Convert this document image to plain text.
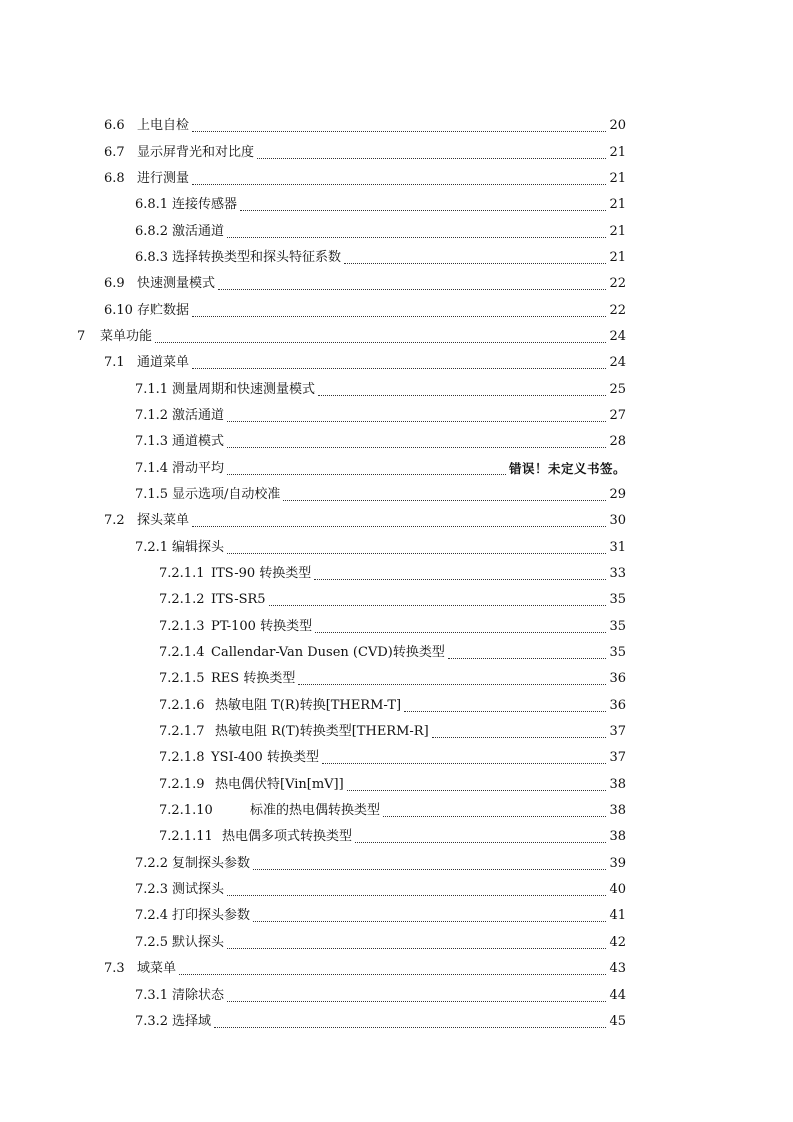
6.6 上电自检	20
6.7 显示屏背光和对比度	21
6.8 进行测量	21
6.8.1 连接传感器	21
6.8.2 激活通道	21
6.8.3 选择转换类型和探头特征系数	21
6.9 快速测量模式	22
6.10 存贮数据	22
7	菜单功能	24
7.1 通道菜单	24
7.1.1 测量周期和快速测量模式	25
7.1.2 激活通道	27
7.1.3 通道模式	28
7.1.4 滑动平均	错误！未定义书签。
7.1.5 显示选项/自动校准	29
7.2 探头菜单	30
7.2.1 编辑探头	31
7.2.1.1 ITS-90 转换类型	33
7.2.1.2 ITS-SR5	35
7.2.1.3 PT-100 转换类型	35
7.2.1.4 Callendar-Van Dusen (CVD)转换类型	35
7.2.1.5 RES 转换类型	36
7.2.1.6 热敏电阻 T(R)转换[THERM-T]	36
7.2.1.7 热敏电阻 R(T)转换类型[THERM-R]	37
7.2.1.8 YSI-400 转换类型	37
7.2.1.9 热电偶伏特[Vin[mV]]	38
7.2.1.10	标准的热电偶转换类型	38
7.2.1.11 热电偶多项式转换类型	38
7.2.2 复制探头参数	39
7.2.3 测试探头	40
7.2.4 打印探头参数	41
7.2.5 默认探头	42
7.3 域菜单	43
7.3.1 清除状态	44
7.3.2 选择域	45
